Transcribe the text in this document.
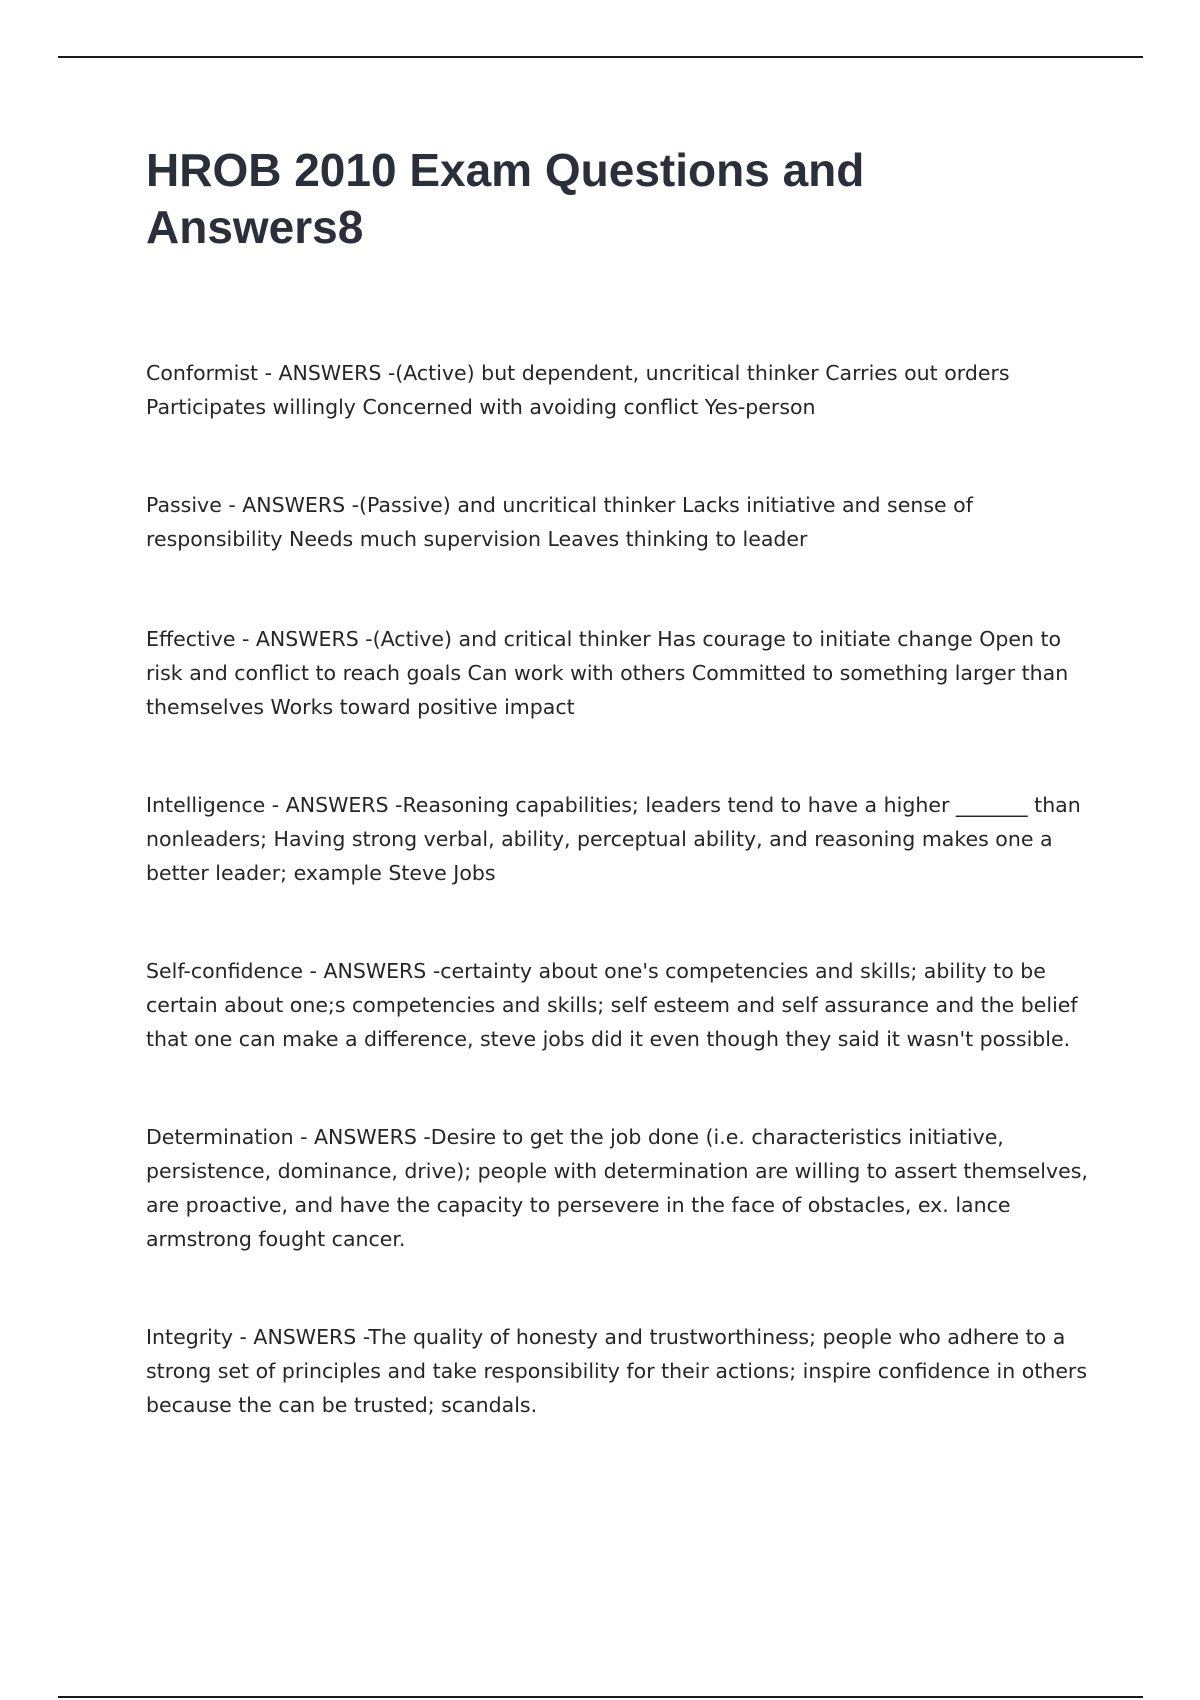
HROB 2010 Exam Questions and Answers8

Conformist - ANSWERS -(Active) but dependent, uncritical thinker Carries out orders Participates willingly Concerned with avoiding conflict Yes-person

Passive - ANSWERS -(Passive) and uncritical thinker Lacks initiative and sense of responsibility Needs much supervision Leaves thinking to leader

Effective - ANSWERS -(Active) and critical thinker Has courage to initiate change Open to risk and conflict to reach goals Can work with others Committed to something larger than themselves Works toward positive impact

Intelligence - ANSWERS -Reasoning capabilities; leaders tend to have a higher _______ than nonleaders; Having strong verbal, ability, perceptual ability, and reasoning makes one a better leader; example Steve Jobs

Self-confidence - ANSWERS -certainty about one's competencies and skills; ability to be certain about one;s competencies and skills; self esteem and self assurance and the belief that one can make a difference, steve jobs did it even though they said it wasn't possible.

Determination - ANSWERS -Desire to get the job done (i.e. characteristics initiative, persistence, dominance, drive); people with determination are willing to assert themselves, are proactive, and have the capacity to persevere in the face of obstacles, ex. lance armstrong fought cancer.

Integrity - ANSWERS -The quality of honesty and trustworthiness; people who adhere to a strong set of principles and take responsibility for their actions; inspire confidence in others because the can be trusted; scandals.
